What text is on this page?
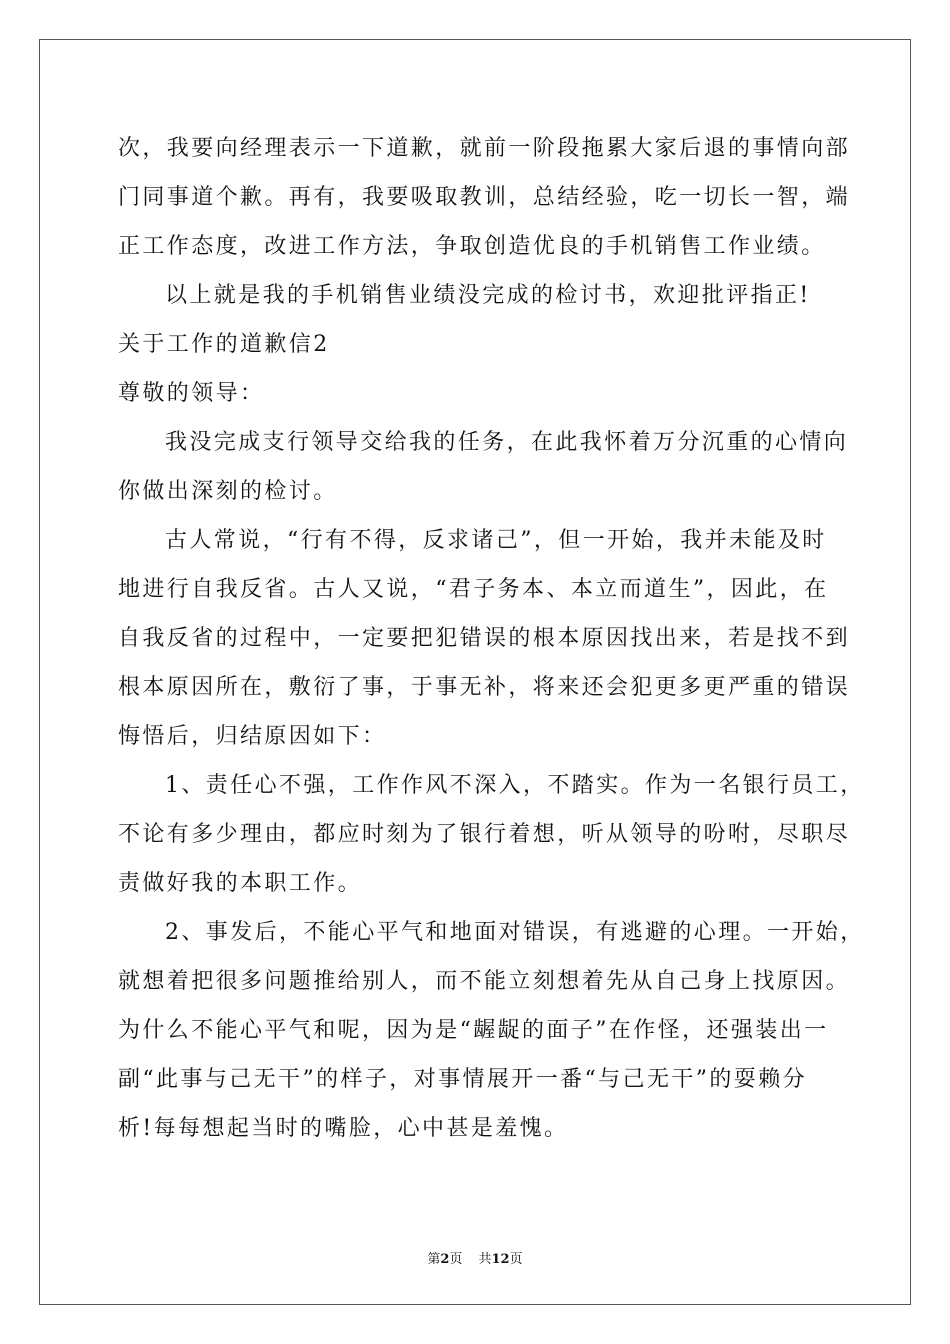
次，我要向经理表示一下道歉，就前一阶段拖累大家后退的事情向部
门同事道个歉。再有，我要吸取教训，总结经验，吃一切长一智，端
正工作态度，改进工作方法，争取创造优良的手机销售工作业绩。
以上就是我的手机销售业绩没完成的检讨书，欢迎批评指正!
关于工作的道歉信2
尊敬的领导：
我没完成支行领导交给我的任务，在此我怀着万分沉重的心情向
你做出深刻的检讨。
古人常说，“行有不得，反求诸己”，但一开始，我并未能及时
地进行自我反省。古人又说，“君子务本、本立而道生”，因此，在
自我反省的过程中，一定要把犯错误的根本原因找出来，若是找不到
根本原因所在，敷衍了事，于事无补，将来还会犯更多更严重的错误
悔悟后，归结原因如下：
1、责任心不强，工作作风不深入，不踏实。作为一名银行员工，
不论有多少理由，都应时刻为了银行着想，听从领导的吩咐，尽职尽
责做好我的本职工作。
2、事发后，不能心平气和地面对错误，有逃避的心理。一开始，
就想着把很多问题推给别人，而不能立刻想着先从自己身上找原因。
为什么不能心平气和呢，因为是“龌龊的面子”在作怪，还强装出一
副“此事与己无干”的样子，对事情展开一番“与己无干”的耍赖分
析!每每想起当时的嘴脸，心中甚是羞愧。
第2页 共12页
